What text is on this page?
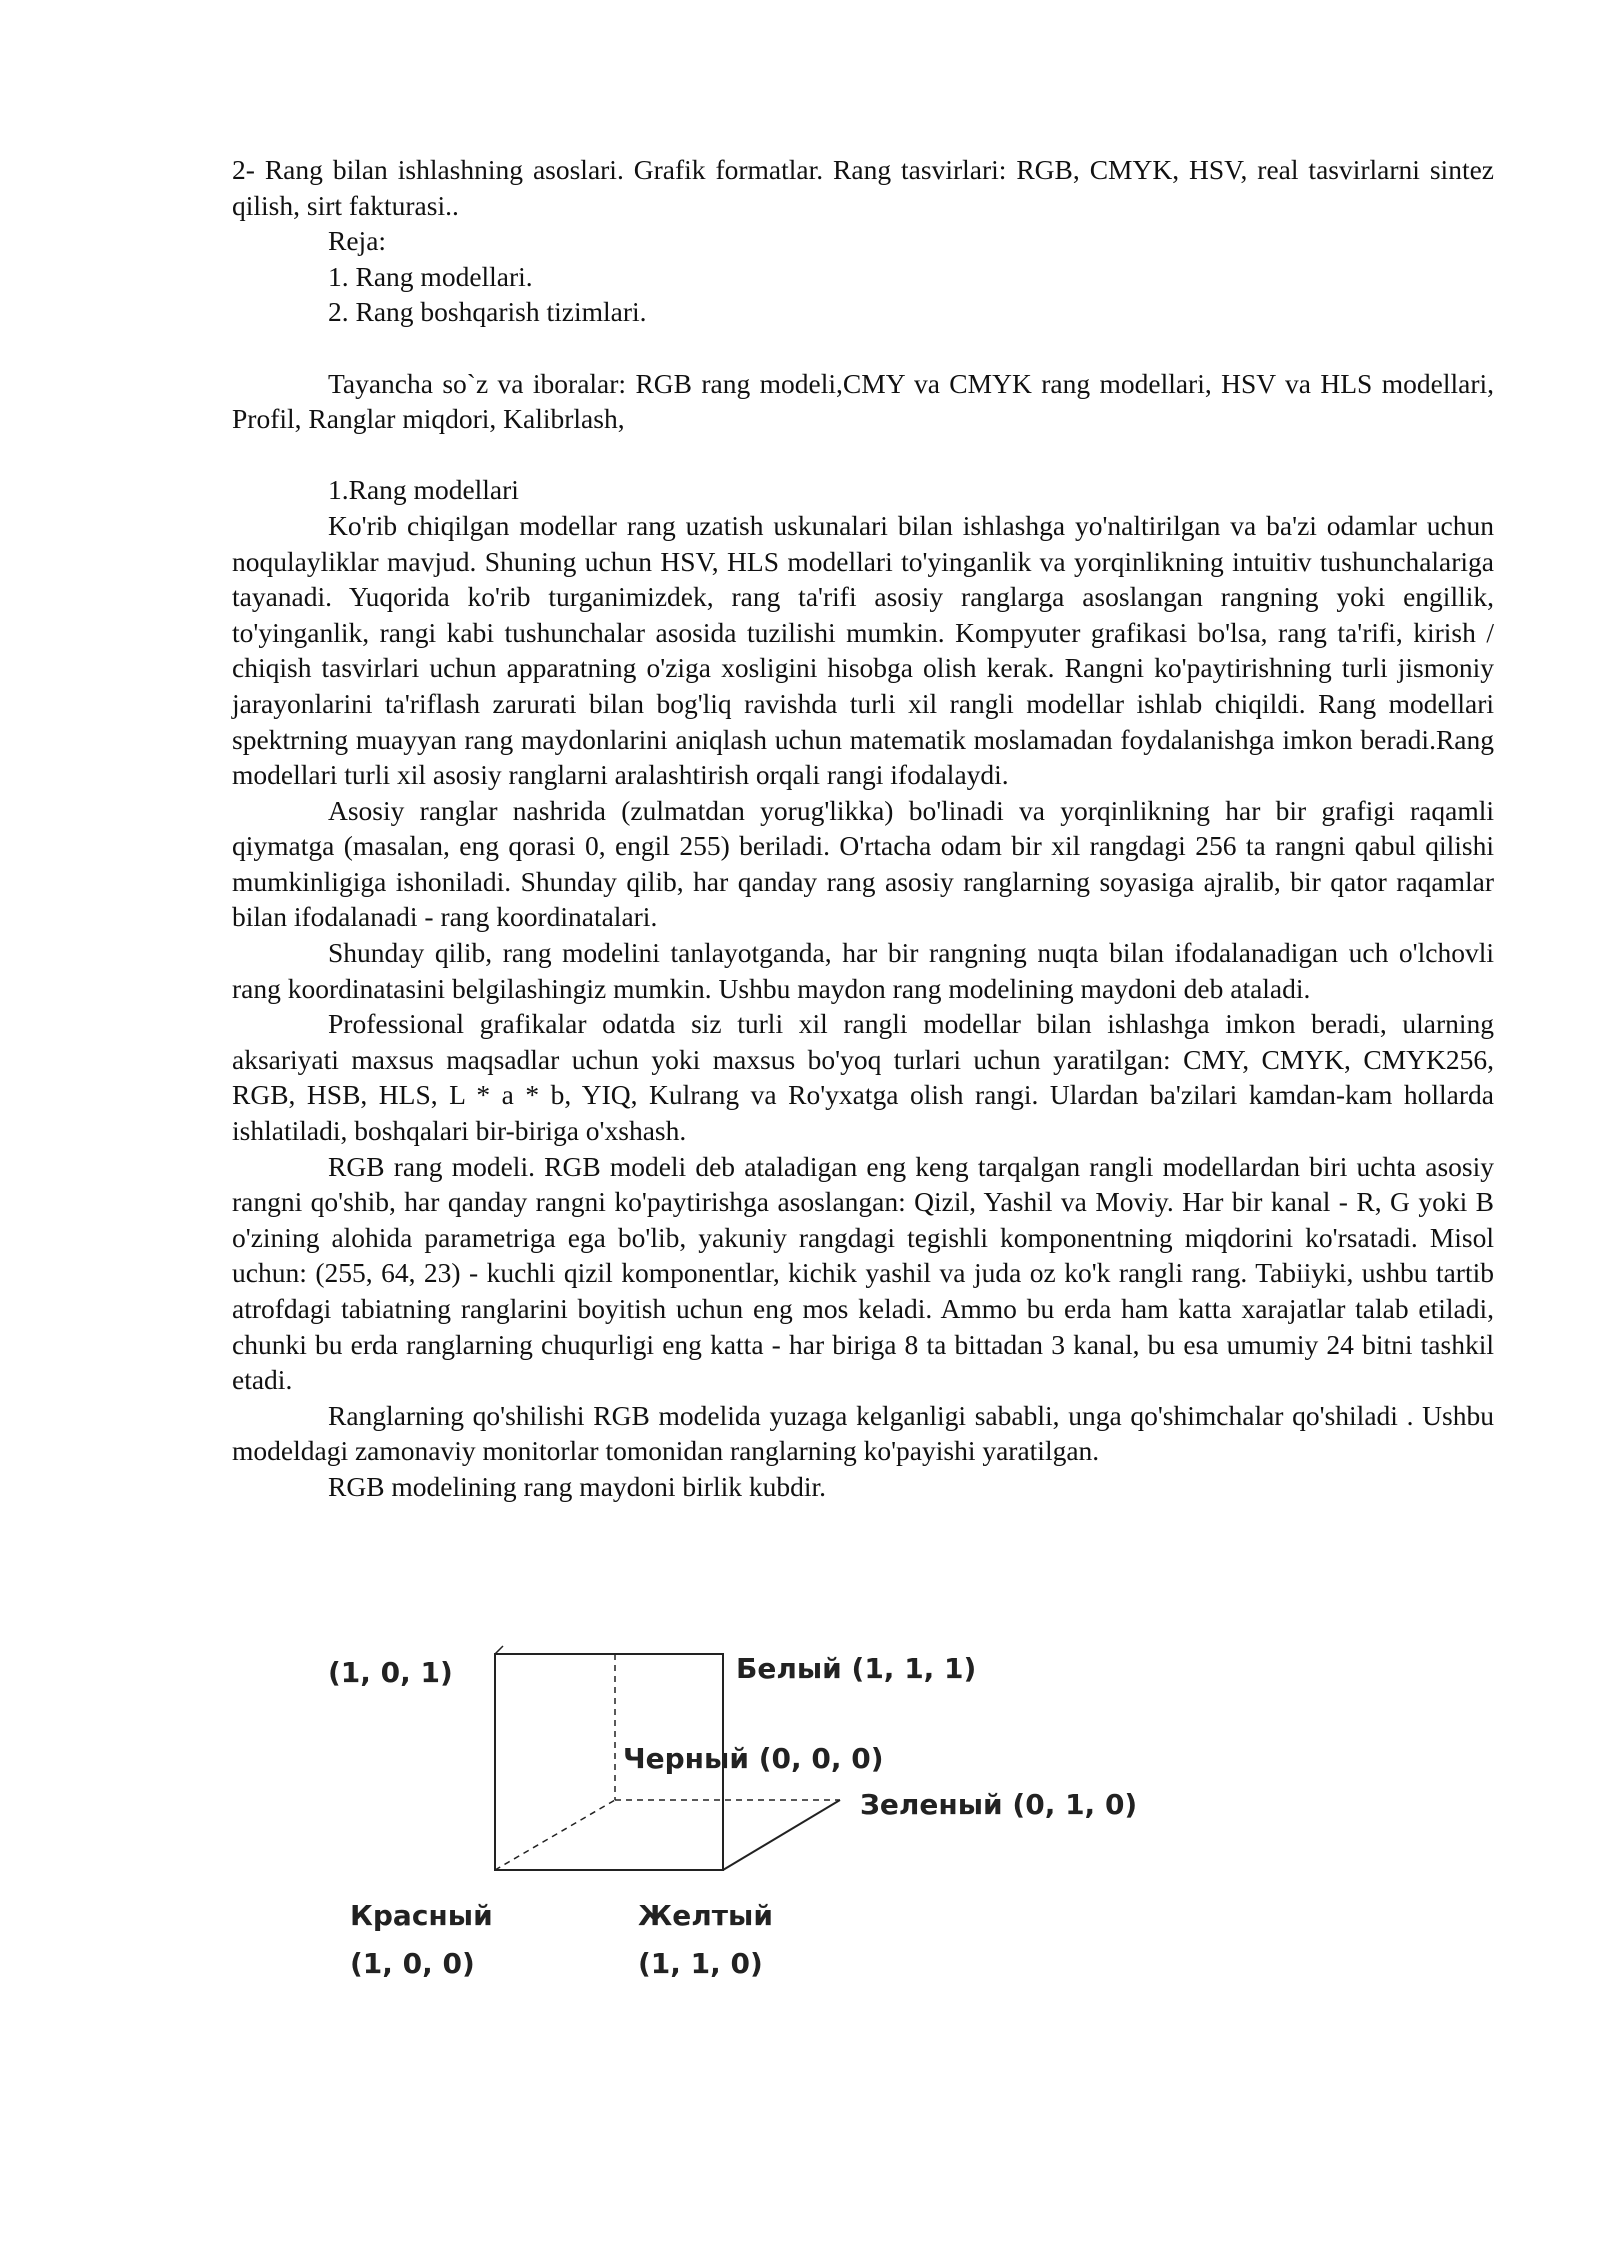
2- Rang bilan ishlashning asoslari. Grafik formatlar. Rang tasvirlari: RGB, CMYK, HSV, real tasvirlarni sintez qilish, sirt fakturasi..

Reja:

1. Rang modellari.

2. Rang boshqarish tizimlari.

Tayancha so`z va iboralar: RGB rang modeli,CMY va CMYK rang modellari, HSV va HLS modellari, Profil, Ranglar miqdori, Kalibrlash,

1.Rang modellari

Ko'rib chiqilgan modellar rang uzatish uskunalari bilan ishlashga yo'naltirilgan va ba'zi odamlar uchun noqulayliklar mavjud. Shuning uchun HSV, HLS modellari to'yinganlik va yorqinlikning intuitiv tushunchalariga tayanadi. Yuqorida ko'rib turganimizdek, rang ta'rifi asosiy ranglarga asoslangan rangning yoki engillik, to'yinganlik, rangi kabi tushunchalar asosida tuzilishi mumkin. Kompyuter grafikasi bo'lsa, rang ta'rifi, kirish / chiqish tasvirlari uchun apparatning o'ziga xosligini hisobga olish kerak. Rangni ko'paytirishning turli jismoniy jarayonlarini ta'riflash zarurati bilan bog'liq ravishda turli xil rangli modellar ishlab chiqildi. Rang modellari spektrning muayyan rang maydonlarini aniqlash uchun matematik moslamadan foydalanishga imkon beradi.Rang modellari turli xil asosiy ranglarni aralashtirish orqali rangi ifodalaydi.

Asosiy ranglar nashrida (zulmatdan yorug'likka) bo'linadi va yorqinlikning har bir grafigi raqamli qiymatga (masalan, eng qorasi 0, engil 255) beriladi. O'rtacha odam bir xil rangdagi 256 ta rangni qabul qilishi mumkinligiga ishoniladi. Shunday qilib, har qanday rang asosiy ranglarning soyasiga ajralib, bir qator raqamlar bilan ifodalanadi - rang koordinatalari.

Shunday qilib, rang modelini tanlayotganda, har bir rangning nuqta bilan ifodalanadigan uch o'lchovli rang koordinatasini belgilashingiz mumkin. Ushbu maydon rang modelining maydoni deb ataladi.

Professional grafikalar odatda siz turli xil rangli modellar bilan ishlashga imkon beradi, ularning aksariyati maxsus maqsadlar uchun yoki maxsus bo'yoq turlari uchun yaratilgan: CMY, CMYK, CMYK256, RGB, HSB, HLS, L * a * b, YIQ, Kulrang va Ro'yxatga olish rangi. Ulardan ba'zilari kamdan-kam hollarda ishlatiladi, boshqalari bir-biriga o'xshash.

RGB rang modeli. RGB modeli deb ataladigan eng keng tarqalgan rangli modellardan biri uchta asosiy rangni qo'shib, har qanday rangni ko'paytirishga asoslangan: Qizil, Yashil va Moviy. Har bir kanal - R, G yoki B o'zining alohida parametriga ega bo'lib, yakuniy rangdagi tegishli komponentning miqdorini ko'rsatadi. Misol uchun: (255, 64, 23) - kuchli qizil komponentlar, kichik yashil va juda oz ko'k rangli rang. Tabiiyki, ushbu tartib atrofdagi tabiatning ranglarini boyitish uchun eng mos keladi. Ammo bu erda ham katta xarajatlar talab etiladi, chunki bu erda ranglarning chuqurligi eng katta - har biriga 8 ta bittadan 3 kanal, bu esa umumiy 24 bitni tashkil etadi.

Ranglarning qo'shilishi RGB modelida yuzaga kelganligi sababli, unga qo'shimchalar qo'shiladi . Ushbu modeldagi zamonaviy monitorlar tomonidan ranglarning ko'payishi yaratilgan.

RGB modelining rang maydoni birlik kubdir.

(1, 0, 1)	Белый (1, 1, 1)
Черный (0, 0, 0)
Зеленый (0, 1, 0)
Красный
(1, 0, 0)
Желтый
(1, 1, 0)
